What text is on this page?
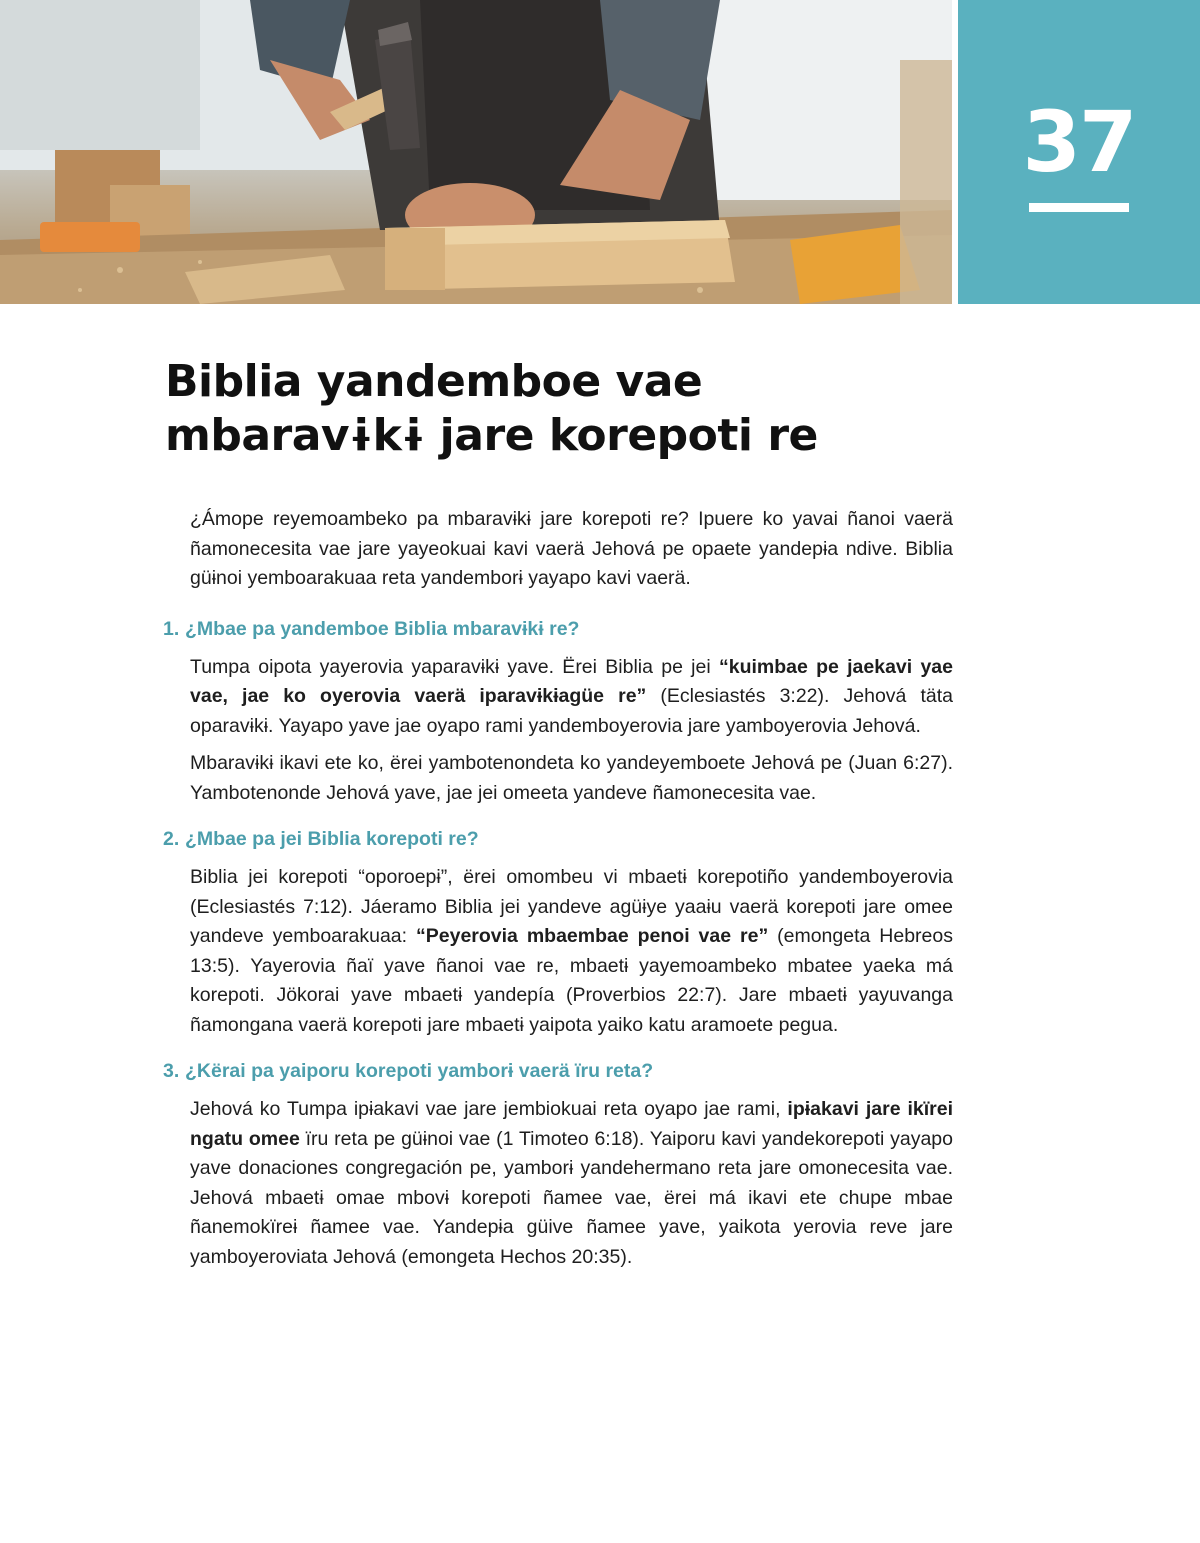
37
Biblia yandemboe vae
mbaravɨkɨ jare korepoti re

¿Ámope reyemoambeko pa mbaravɨkɨ jare korepoti re? Ipuere ko yavai ñanoi vaerä ñamonecesita vae jare yayeokuai kavi vaerä Jehová pe opaete yandepɨa ndive. Biblia güɨnoi yemboarakuaa reta yandemborɨ yayapo kavi vaerä.

1. ¿Mbae pa yandemboe Biblia mbaravɨkɨ re?

Tumpa oipota yayerovia yaparavɨkɨ yave. Ërei Biblia pe jei “kuimbae pe jaekavi yae vae, jae ko oyerovia vaerä iparavɨkɨagüe re” (Eclesiastés 3:22). Jehová täta oparavɨkɨ. Yayapo yave jae oyapo rami yandemboyerovia jare yamboyerovia Jehová.

Mbaravɨkɨ ikavi ete ko, ërei yambotenondeta ko yandeyemboete Jehová pe (Juan 6:27). Yambotenonde Jehová yave, jae jei omeeta yandeve ñamonecesita vae.

2. ¿Mbae pa jei Biblia korepoti re?

Biblia jei korepoti “oporoepɨ”, ërei omombeu vi mbaetɨ korepotiño yandemboyerovia (Eclesiastés 7:12). Jáeramo Biblia jei yandeve agüɨye yaaɨu vaerä korepoti jare omee yandeve yemboarakuaa: “Peyerovia mbaembae penoi vae re” (emongeta Hebreos 13:5). Yayerovia ñaï yave ñanoi vae re, mbaetɨ yayemoambeko mbatee yaeka má korepoti. Jökorai yave mbaetɨ yandepía (Proverbios 22:7). Jare mbaetɨ yayuvanga ñamongana vaerä korepoti jare mbaetɨ yaipota yaiko katu aramoete pegua.

3. ¿Kërai pa yaiporu korepoti yamborɨ vaerä ïru reta?

Jehová ko Tumpa ipɨakavi vae jare jembiokuai reta oyapo jae rami, ipɨakavi jare ikïrei ngatu omee ïru reta pe güɨnoi vae (1 Timoteo 6:18). Yaiporu kavi yandekorepoti yayapo yave donaciones congregación pe, yamborɨ yandehermano reta jare omonecesita vae. Jehová mbaetɨ omae mbovɨ korepoti ñamee vae, ërei má ikavi ete chupe mbae ñanemokïreɨ ñamee vae. Yandepɨa güive ñamee yave, yaikota yerovia reve jare yamboyeroviata Jehová (emongeta Hechos 20:35).
